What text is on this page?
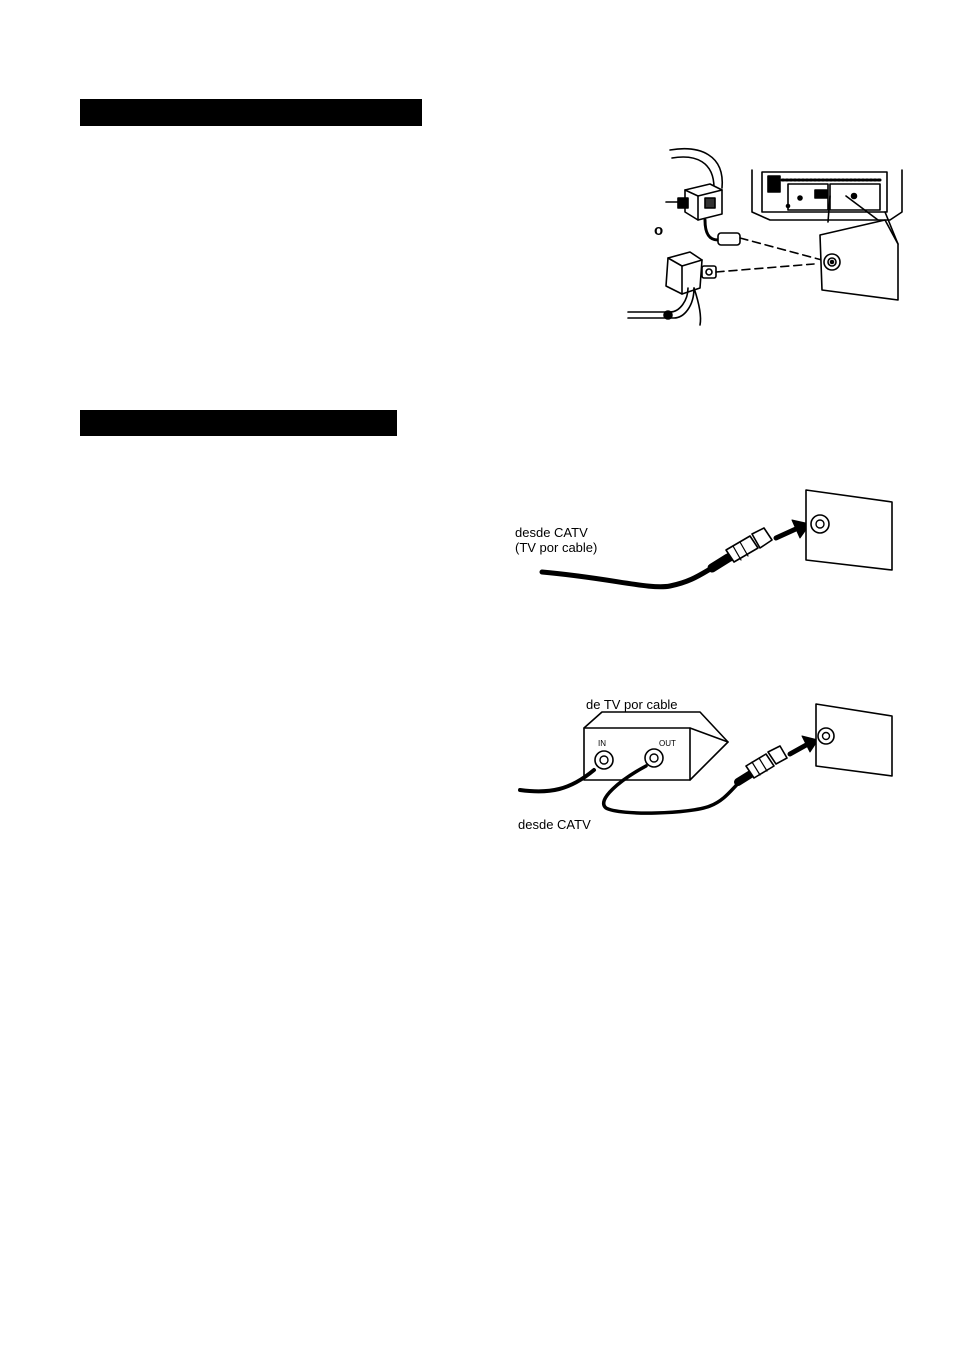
o
desde CATV
(TV por cable)
de TV por cable
IN	OUT
desde CATV
